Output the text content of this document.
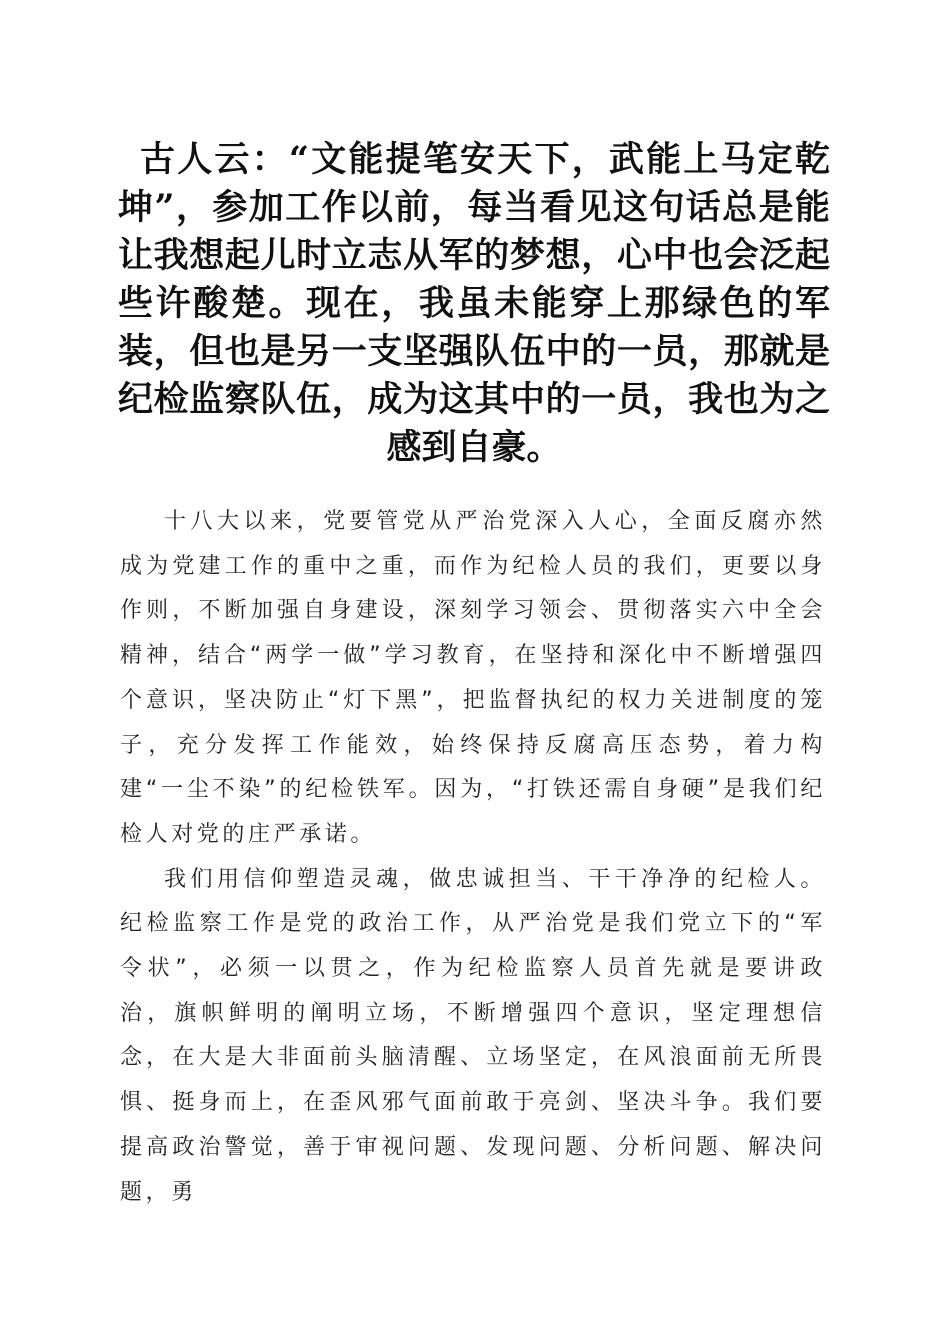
古人云：“文能提笔安天下，武能上马定乾坤”，参加工作以前，每当看见这句话总是能让我想起儿时立志从军的梦想，心中也会泛起些许酸楚。现在，我虽未能穿上那绿色的军装，但也是另一支坚强队伍中的一员，那就是纪检监察队伍，成为这其中的一员，我也为之感到自豪。

十八大以来，党要管党从严治党深入人心，全面反腐亦然成为党建工作的重中之重，而作为纪检人员的我们，更要以身作则，不断加强自身建设，深刻学习领会、贯彻落实六中全会精神，结合“两学一做”学习教育，在坚持和深化中不断增强四个意识，坚决防止“灯下黑”，把监督执纪的权力关进制度的笼子，充分发挥工作能效，始终保持反腐高压态势，着力构建“一尘不染”的纪检铁军。因为，“打铁还需自身硬”是我们纪检人对党的庄严承诺。

我们用信仰塑造灵魂，做忠诚担当、干干净净的纪检人。纪检监察工作是党的政治工作，从严治党是我们党立下的“军令状”，必须一以贯之，作为纪检监察人员首先就是要讲政治，旗帜鲜明的阐明立场，不断增强四个意识，坚定理想信念，在大是大非面前头脑清醒、立场坚定，在风浪面前无所畏惧、挺身而上，在歪风邪气面前敢于亮剑、坚决斗争。我们要提高政治警觉，善于审视问题、发现问题、分析问题、解决问题，勇
